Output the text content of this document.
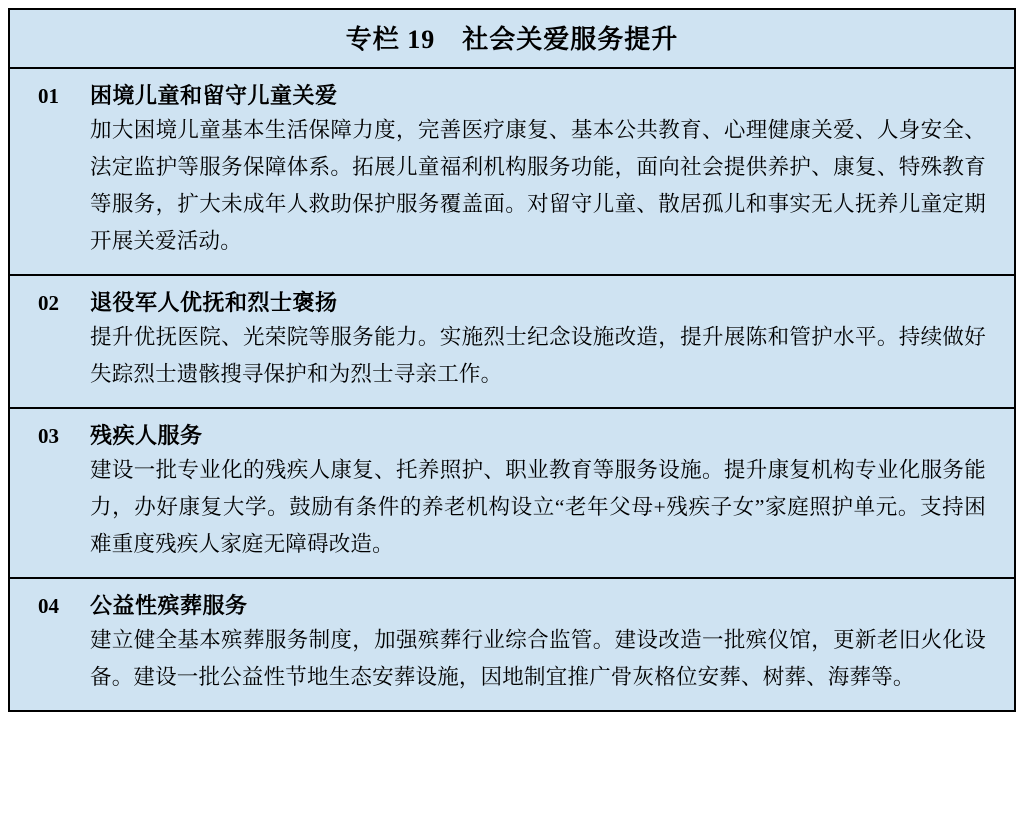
专栏 19　社会关爱服务提升
01	困境儿童和留守儿童关爱
加大困境儿童基本生活保障力度，完善医疗康复、基本公共教育、心理健康关爱、人身安全、法定监护等服务保障体系。拓展儿童福利机构服务功能，面向社会提供养护、康复、特殊教育等服务，扩大未成年人救助保护服务覆盖面。对留守儿童、散居孤儿和事实无人抚养儿童定期开展关爱活动。
02	退役军人优抚和烈士褒扬
提升优抚医院、光荣院等服务能力。实施烈士纪念设施改造，提升展陈和管护水平。持续做好失踪烈士遗骸搜寻保护和为烈士寻亲工作。
03	残疾人服务
建设一批专业化的残疾人康复、托养照护、职业教育等服务设施。提升康复机构专业化服务能力，办好康复大学。鼓励有条件的养老机构设立“老年父母+残疾子女”家庭照护单元。支持困难重度残疾人家庭无障碍改造。
04	公益性殡葬服务
建立健全基本殡葬服务制度，加强殡葬行业综合监管。建设改造一批殡仪馆，更新老旧火化设备。建设一批公益性节地生态安葬设施，因地制宜推广骨灰格位安葬、树葬、海葬等。
